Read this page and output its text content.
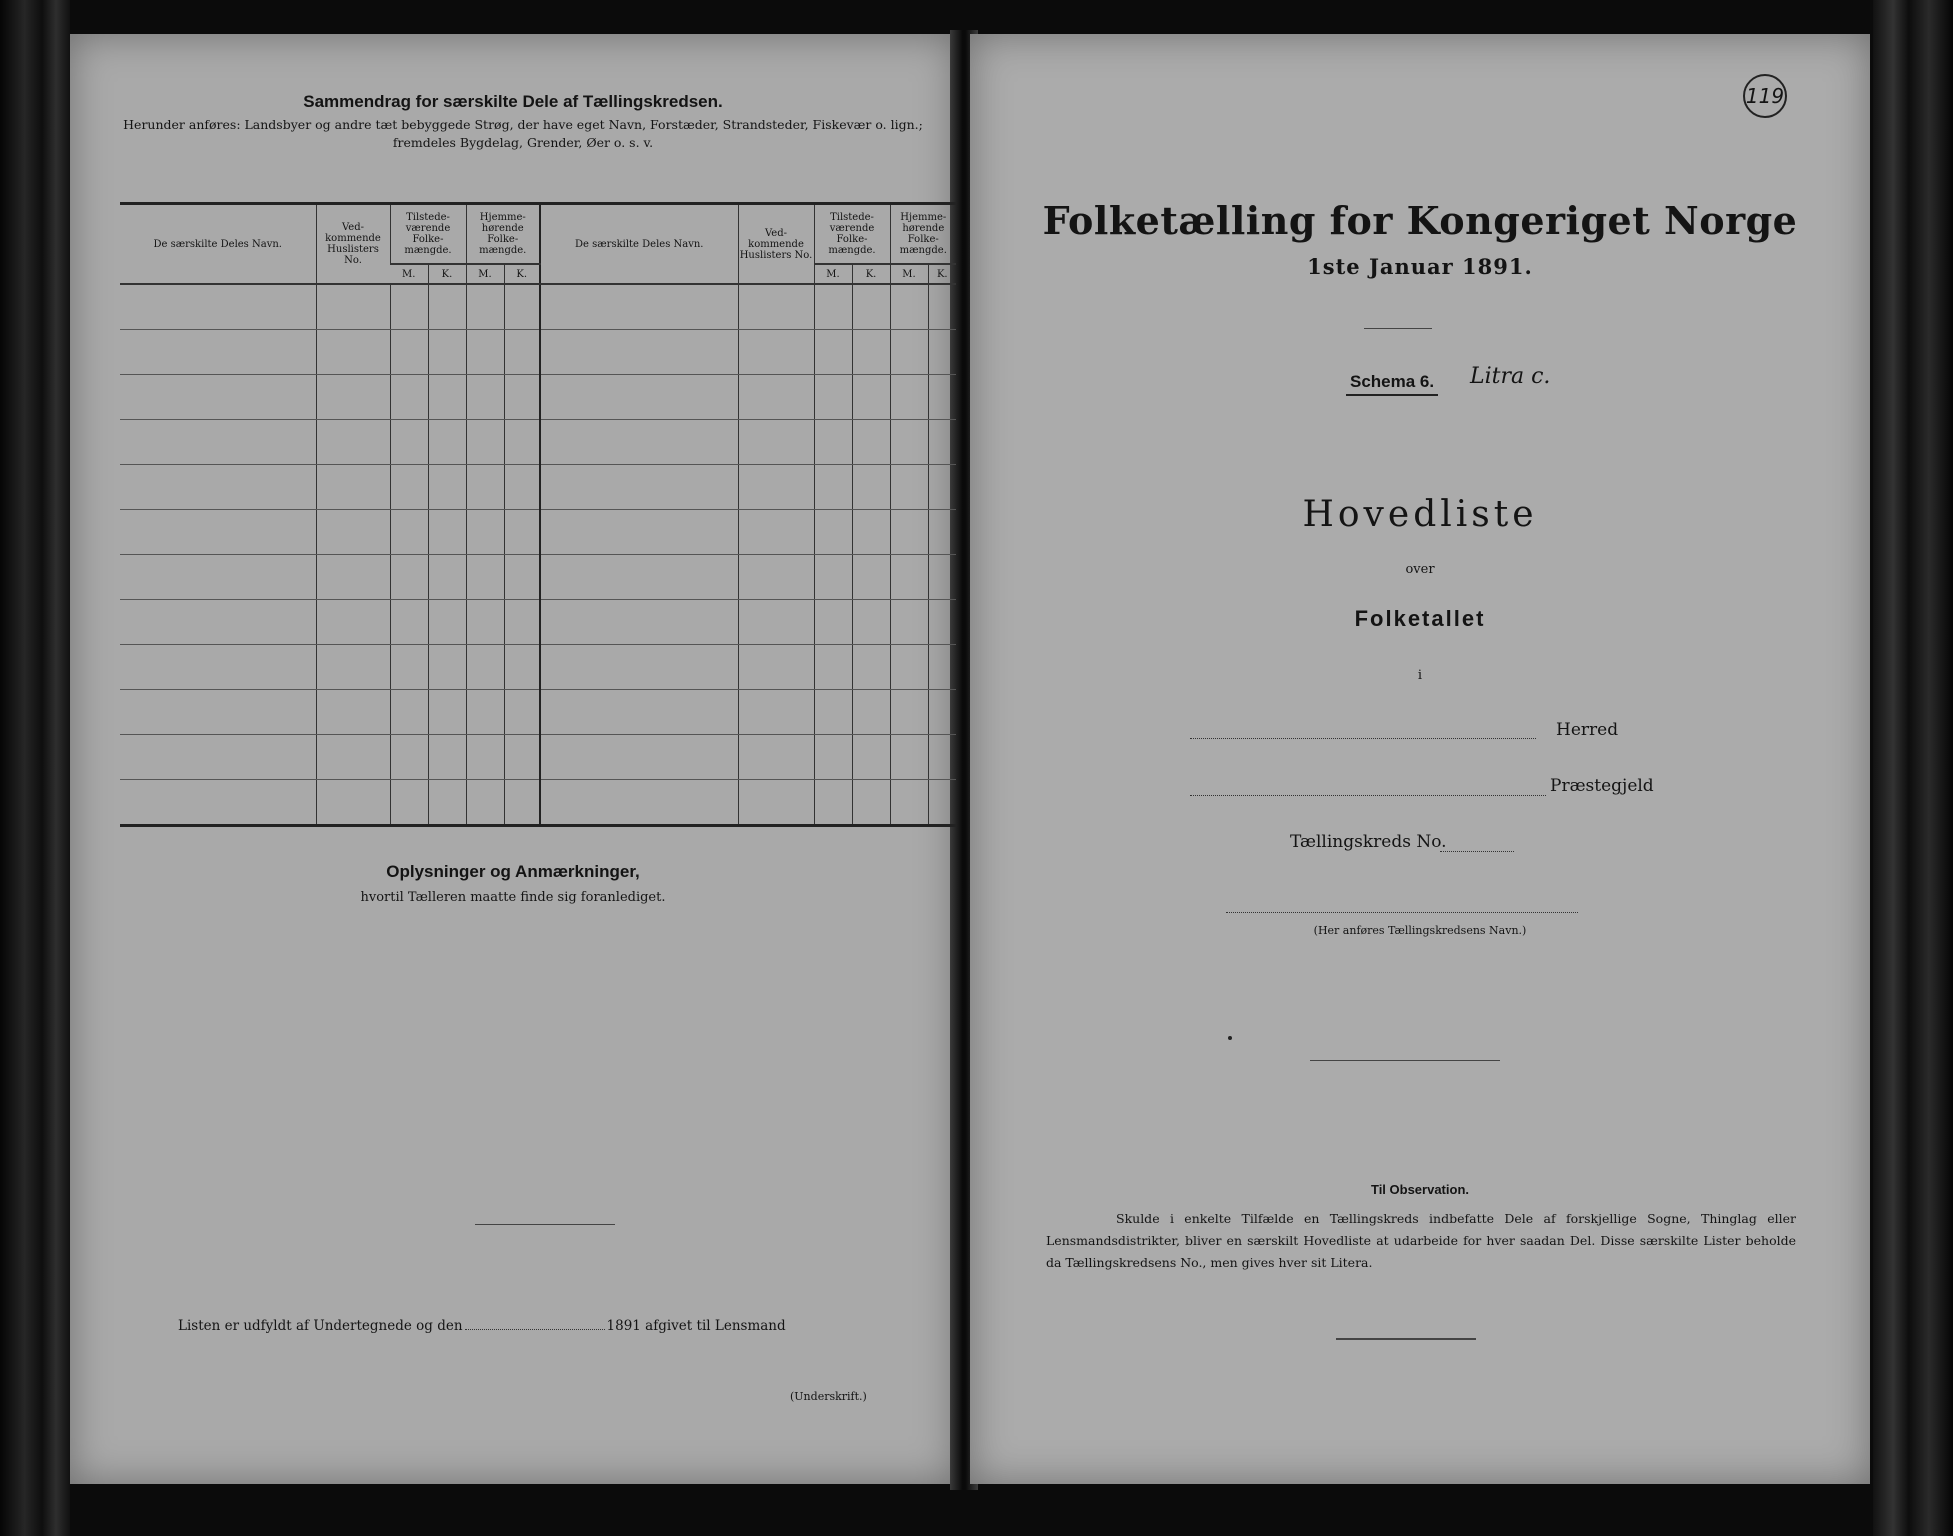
Sammendrag for særskilte Dele af Tællingskredsen.
Herunder anføres: Landsbyer og andre tæt bebyggede Strøg, der have eget Navn, Forstæder, Strandsteder, Fiskevær o. lign.;
fremdeles Bygdelag, Grender, Øer o. s. v.
De særskilte Deles Navn.	Ved-kommende Huslisters No.	Tilstede-værende Folke-mængde.		Hjemme-hørende Folke-mængde.		De særskilte Deles Navn.	Ved-kommende Huslisters No.	Tilstede-værende Folke-mængde.		Hjemme-hørende Folke-mængde.	
		M.	K.	M.	K.			M.	K.	M.	K.

Oplysninger og Anmærkninger,
hvortil Tælleren maatte finde sig foranlediget.
Listen er udfyldt af Undertegnede og den	1891 afgivet til Lensmand
(Underskrift.)
119
Folketælling for Kongeriget Norge
1ste Januar 1891.
Schema 6. Litra c.
Hovedliste
over
Folketallet
i
Herred
Præstegjeld
Tællingskreds No.
(Her anføres Tællingskredsens Navn.)
Til Observation.
Skulde i enkelte Tilfælde en Tællingskreds indbefatte Dele af forskjellige Sogne, Thinglag eller Lensmandsdistrikter, bliver en særskilt Hovedliste at udarbeide for hver saadan Del. Disse særskilte Lister beholde da Tællingskredsens No., men gives hver sit Litera.
